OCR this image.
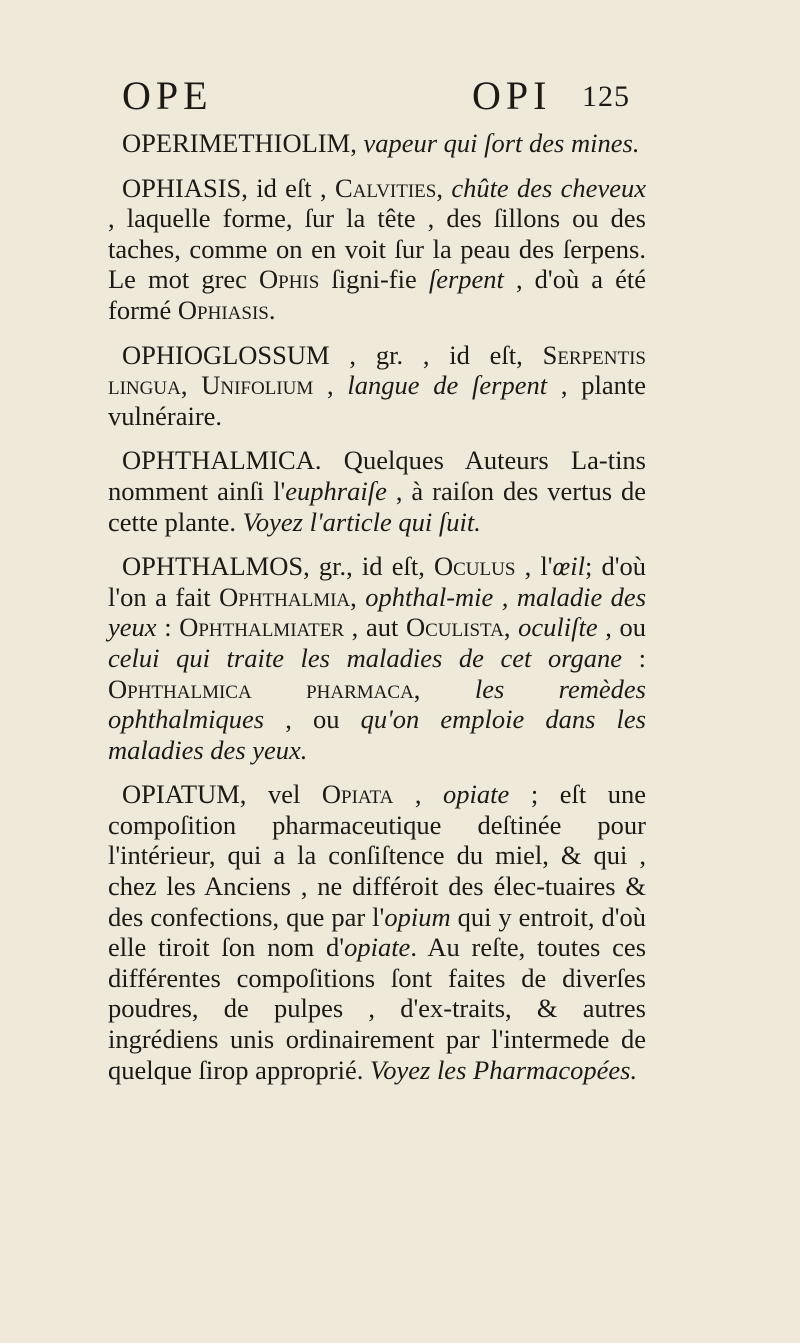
OPE	OPI 125

OPERIMETHIOLIM, vapeur qui ſort des mines.

OPHIASIS, id eſt , Calvities, chûte des cheveux , laquelle forme, ſur la tête , des ſillons ou des taches, comme on en voit ſur la peau des ſerpens. Le mot grec Ophis ſigni-fie ſerpent , d'où a été formé Ophiasis.

OPHIOGLOSSUM , gr. , id eſt, Serpentis lingua, Unifolium , langue de ſerpent , plante vulnéraire.

OPHTHALMICA. Quelques Auteurs La-tins nomment ainſi l'euphraiſe , à raiſon des vertus de cette plante. Voyez l'article qui ſuit.

OPHTHALMOS, gr., id eſt, Oculus , l'œil; d'où l'on a fait Ophthalmia, ophthal-mie , maladie des yeux : Ophthalmiater , aut Oculista, oculiſte , ou celui qui traite les maladies de cet organe : Ophthalmica pharmaca, les remèdes ophthalmiques , ou qu'on emploie dans les maladies des yeux.

OPIATUM, vel Opiata , opiate ; eſt une compoſition pharmaceutique deſtinée pour l'intérieur, qui a la conſiſtence du miel, & qui , chez les Anciens , ne différoit des élec-tuaires & des confections, que par l'opium qui y entroit, d'où elle tiroit ſon nom d'opiate. Au reſte, toutes ces différentes compoſitions ſont faites de diverſes poudres, de pulpes , d'ex-traits, & autres ingrédiens unis ordinairement par l'intermede de quelque ſirop approprié. Voyez les Pharmacopées.
